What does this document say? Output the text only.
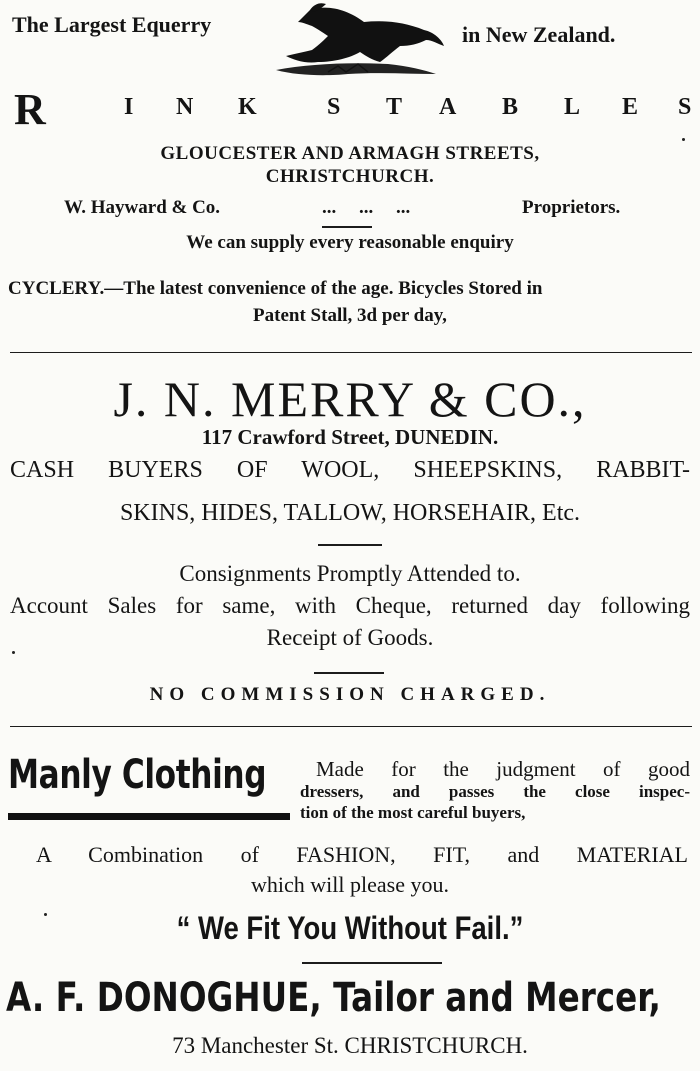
The Largest Equerry	in New Zealand.
R	I N K	S T A B L E S
GLOUCESTER AND ARMAGH STREETS,
CHRISTCHURCH.
W. Hayward & Co.	... ... ...	Proprietors.
We can supply every reasonable enquiry
CYCLERY.—The latest convenience of the age. Bicycles Stored in
Patent Stall, 3d per day,
J. N. MERRY & CO.,
117 Crawford Street, DUNEDIN.
CASH BUYERS OF WOOL, SHEEPSKINS, RABBIT-
SKINS, HIDES, TALLOW, HORSEHAIR, Etc.
Consignments Promptly Attended to.
Account Sales for same, with Cheque, returned day following
Receipt of Goods.
NO COMMISSION CHARGED.
Manly Clothing Made for the judgment of good
dressers, and passes the close inspec-
tion of the most careful buyers,
A Combination of FASHION, FIT, and MATERIAL
which will please you.
“ We Fit You Without Fail.”
A. F. DONOGHUE, Tailor and Mercer,
73 Manchester St. CHRISTCHURCH.
